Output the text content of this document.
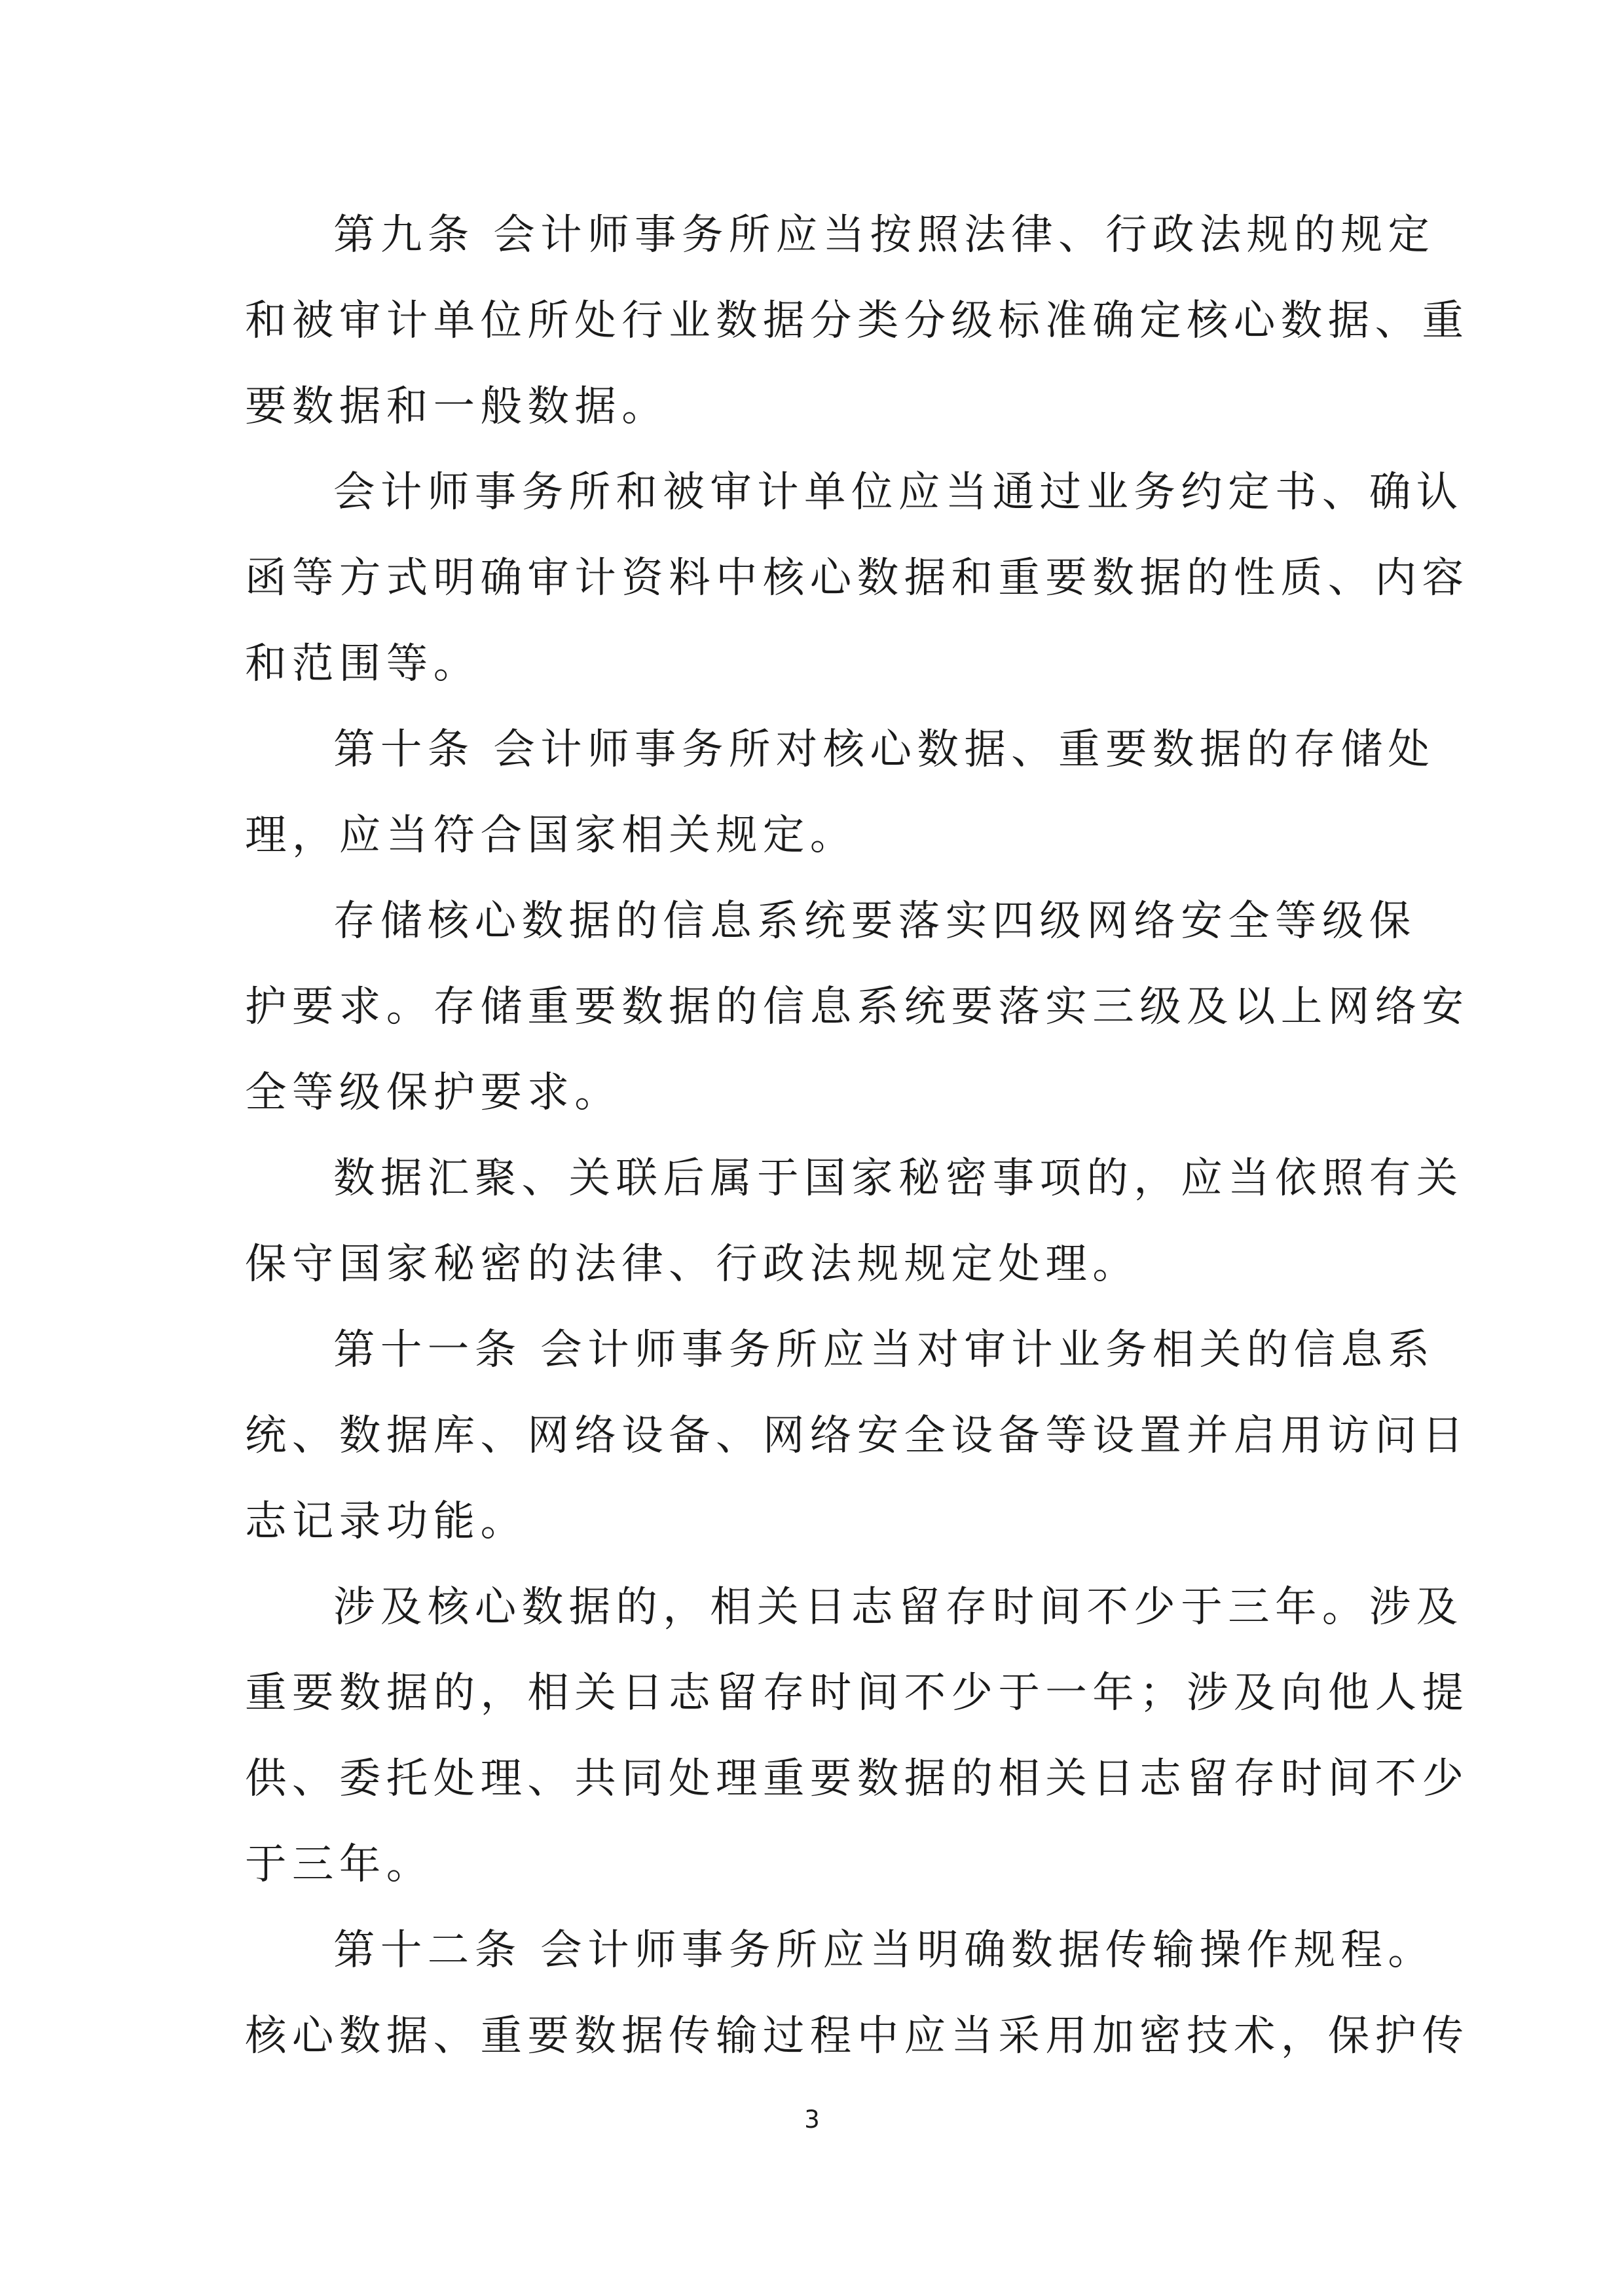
第九条 会计师事务所应当按照法律、行政法规的规定
和被审计单位所处行业数据分类分级标准确定核心数据、重
要数据和一般数据。
会计师事务所和被审计单位应当通过业务约定书、确认
函等方式明确审计资料中核心数据和重要数据的性质、内容
和范围等。
第十条 会计师事务所对核心数据、重要数据的存储处
理，应当符合国家相关规定。
存储核心数据的信息系统要落实四级网络安全等级保
护要求。存储重要数据的信息系统要落实三级及以上网络安
全等级保护要求。
数据汇聚、关联后属于国家秘密事项的，应当依照有关
保守国家秘密的法律、行政法规规定处理。
第十一条 会计师事务所应当对审计业务相关的信息系
统、数据库、网络设备、网络安全设备等设置并启用访问日
志记录功能。
涉及核心数据的，相关日志留存时间不少于三年。涉及
重要数据的，相关日志留存时间不少于一年；涉及向他人提
供、委托处理、共同处理重要数据的相关日志留存时间不少
于三年。
第十二条 会计师事务所应当明确数据传输操作规程。
核心数据、重要数据传输过程中应当采用加密技术，保护传
3
